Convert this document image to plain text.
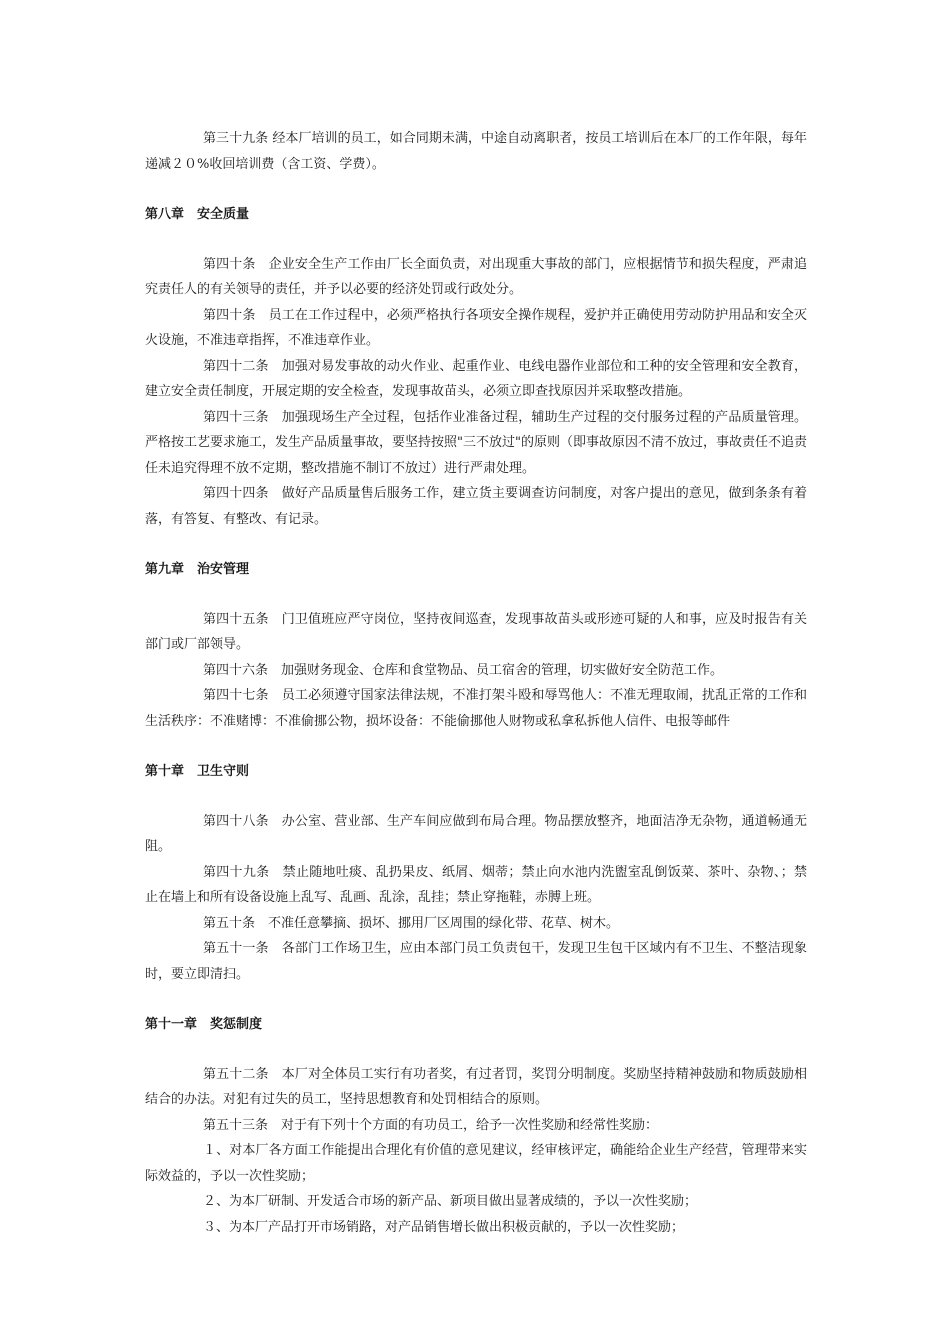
第三十九条 经本厂培训的员工，如合同期未满，中途自动离职者，按员工培训后在本厂的工作年限，每年递减２０%收回培训费（含工资、学费）。

第八章　安全质量

第四十条　企业安全生产工作由厂长全面负责，对出现重大事故的部门，应根据情节和损失程度，严肃追究责任人的有关领导的责任，并予以必要的经济处罚或行政处分。

第四十条　员工在工作过程中，必须严格执行各项安全操作规程，爱护并正确使用劳动防护用品和安全灭火设施，不准违章指挥，不准违章作业。

第四十二条　加强对易发事故的动火作业、起重作业、电线电器作业部位和工种的安全管理和安全教育，建立安全责任制度，开展定期的安全检查，发现事故苗头，必须立即查找原因并采取整改措施。

第四十三条　加强现场生产全过程，包括作业准备过程，辅助生产过程的交付服务过程的产品质量管理。严格按工艺要求施工，发生产品质量事故，要坚持按照"三不放过"的原则（即事故原因不清不放过，事故责任不追责任未追究得理不放不定期，整改措施不制订不放过）进行严肃处理。

第四十四条　做好产品质量售后服务工作，建立货主要调查访问制度，对客户提出的意见，做到条条有着落，有答复、有整改、有记录。

第九章　治安管理

第四十五条　门卫值班应严守岗位，坚持夜间巡查，发现事故苗头或形迹可疑的人和事，应及时报告有关部门或厂部领导。

第四十六条　加强财务现金、仓库和食堂物品、员工宿舍的管理，切实做好安全防范工作。

第四十七条　员工必须遵守国家法律法规，不准打架斗殴和辱骂他人：不准无理取闹，扰乱正常的工作和生活秩序：不准赌博：不准偷挪公物，损坏设备：不能偷挪他人财物或私拿私拆他人信件、电报等邮件

第十章　卫生守则

第四十八条　办公室、营业部、生产车间应做到布局合理。物品摆放整齐，地面洁净无杂物，通道畅通无阻。

第四十九条　禁止随地吐痰、乱扔果皮、纸屑、烟蒂；禁止向水池内洗盥室乱倒饭菜、茶叶、杂物、；禁止在墙上和所有设备设施上乱写、乱画、乱涂，乱挂；禁止穿拖鞋，赤膊上班。

第五十条　不准任意攀摘、损坏、挪用厂区周围的绿化带、花草、树木。

第五十一条　各部门工作场卫生，应由本部门员工负责包干，发现卫生包干区域内有不卫生、不整洁现象时，要立即清扫。

第十一章　奖惩制度

第五十二条　本厂对全体员工实行有功者奖，有过者罚，奖罚分明制度。奖励坚持精神鼓励和物质鼓励相结合的办法。对犯有过失的员工，坚持思想教育和处罚相结合的原则。

第五十三条　对于有下列十个方面的有功员工，给予一次性奖励和经常性奖励：

１、对本厂各方面工作能提出合理化有价值的意见建议，经审核评定，确能给企业生产经营，管理带来实际效益的，予以一次性奖励；

２、为本厂研制、开发适合市场的新产品、新项目做出显著成绩的，予以一次性奖励；

３、为本厂产品打开市场销路，对产品销售增长做出积极贡献的，予以一次性奖励；
